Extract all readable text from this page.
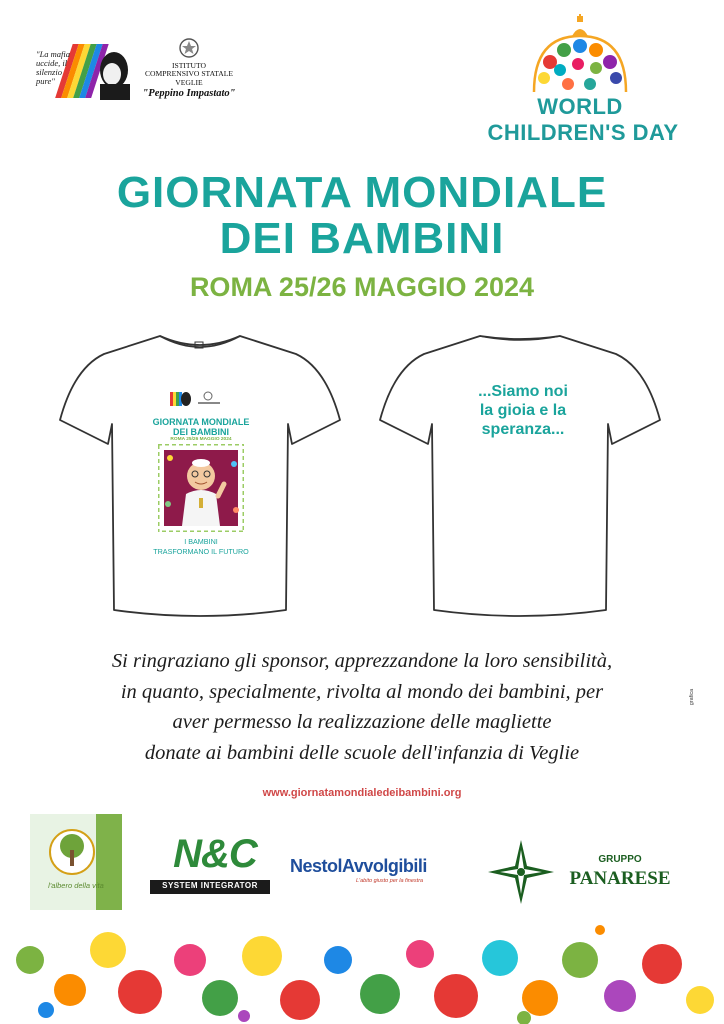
"La mafia uccide, il silenzio pure"
ISTITUTO
COMPRENSIVO STATALE
VEGLIE
"Peppino Impastato"
WORLD
CHILDREN'S DAY
GIORNATA MONDIALE DEI BAMBINI
ROMA 25/26 MAGGIO 2024
GIORNATA MONDIALE DEI BAMBINI
ROMA 25/26 MAGGIO 2024
I BAMBINI
TRASFORMANO IL FUTURO
...Siamo noi
la gioia e la
speranza...
Si ringraziano gli sponsor, apprezzandone la loro sensibilità,
in quanto, specialmente, rivolta al mondo dei bambini, per
aver permesso la realizzazione delle magliette
donate ai bambini delle scuole dell'infanzia di Veglie
grafica
www.giornatamondialedeibambini.org
l'albero della vita
N&C
SYSTEM INTEGRATOR
NestolAvvolgibili
L'abito giusto per la finestra
GRUPPO
PANARESE
